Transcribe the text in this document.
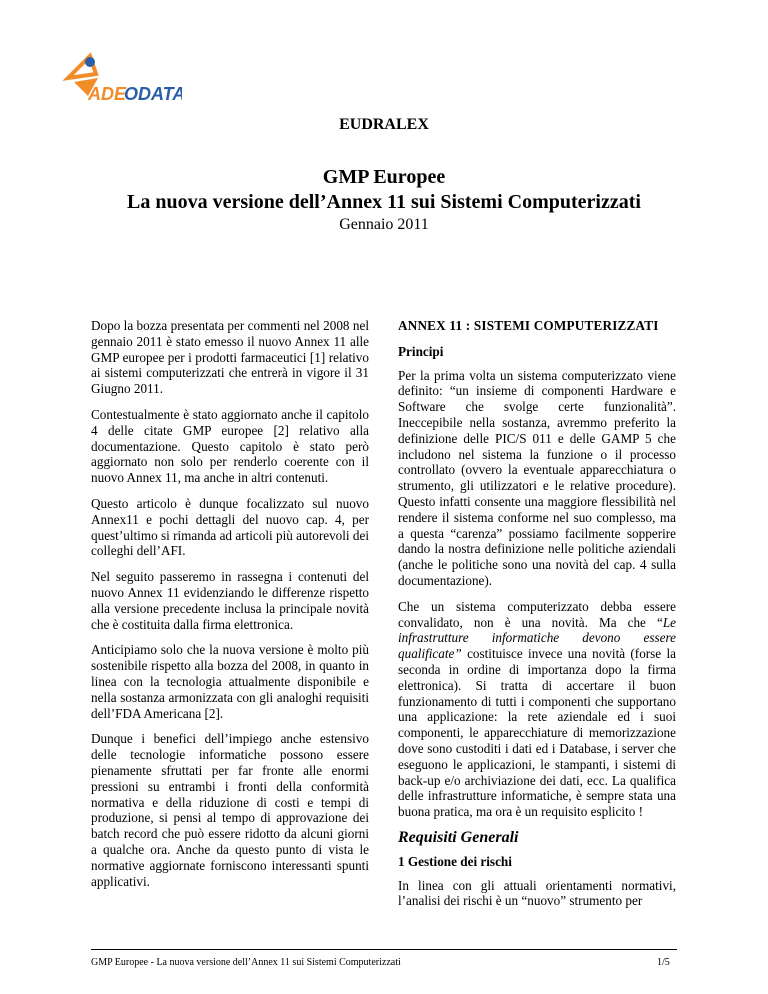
ADE
ODATA
EUDRALEX
GMP Europee
La nuova versione dell’Annex 11 sui Sistemi Computerizzati
Gennaio 2011

Dopo la bozza presentata per commenti nel 2008 nel gennaio 2011 è stato emesso il nuovo Annex 11 alle GMP europee per i prodotti farmaceutici [1] relativo ai sistemi computerizzati che entrerà in vigore il 31 Giugno 2011.

Contestualmente è stato aggiornato anche il capitolo 4 delle citate GMP europee [2] relativo alla documentazione. Questo capitolo è stato però aggiornato non solo per renderlo coerente con il nuovo Annex 11, ma anche in altri contenuti.

Questo articolo è dunque focalizzato sul nuovo Annex11 e pochi dettagli del nuovo cap. 4, per quest’ultimo si rimanda ad articoli più autorevoli dei colleghi dell’AFI.

Nel seguito passeremo in rassegna i contenuti del nuovo Annex 11 evidenziando le differenze rispetto alla versione precedente inclusa la principale novità che è costituita dalla firma elettronica.

Anticipiamo solo che la nuova versione è molto più sostenibile rispetto alla bozza del 2008, in quanto in linea con la tecnologia attualmente disponibile e nella sostanza armonizzata con gli analoghi requisiti dell’FDA Americana [2].

Dunque i benefici dell’impiego anche estensivo delle tecnologie informatiche possono essere pienamente sfruttati per far fronte alle enormi pressioni su entrambi i fronti della conformità normativa e della riduzione di costi e tempi di produzione, si pensi al tempo di approvazione dei batch record che può essere ridotto da alcuni giorni a qualche ora. Anche da questo punto di vista le normative aggiornate forniscono interessanti spunti applicativi.

ANNEX 11 : SISTEMI COMPUTERIZZATI
Principi

Per la prima volta un sistema computerizzato viene definito: “un insieme di componenti Hardware e Software che svolge certe funzionalità”. Ineccepibile nella sostanza, avremmo preferito la definizione delle PIC/S 011 e delle GAMP 5 che includono nel sistema la funzione o il processo controllato (ovvero la eventuale apparecchiatura o strumento, gli utilizzatori e le relative procedure). Questo infatti consente una maggiore flessibilità nel rendere il sistema conforme nel suo complesso, ma a questa “carenza” possiamo facilmente sopperire dando la nostra definizione nelle politiche aziendali (anche le politiche sono una novità del cap. 4 sulla documentazione).

Che un sistema computerizzato debba essere convalidato, non è una novità. Ma che “Le infrastrutture informatiche devono essere qualificate” costituisce invece una novità (forse la seconda in ordine di importanza dopo la firma elettronica). Si tratta di accertare il buon funzionamento di tutti i componenti che supportano una applicazione: la rete aziendale ed i suoi componenti, le apparecchiature di memorizzazione dove sono custoditi i dati ed i Database, i server che eseguono le applicazioni, le stampanti, i sistemi di back-up e/o archiviazione dei dati, ecc. La qualifica delle infrastrutture informatiche, è sempre stata una buona pratica, ma ora è un requisito esplicito !

Requisiti Generali
1 Gestione dei rischi

In linea con gli attuali orientamenti normativi, l’analisi dei rischi è un “nuovo” strumento per

GMP Europee - La nuova versione dell’Annex 11 sui Sistemi Computerizzati	1/5
